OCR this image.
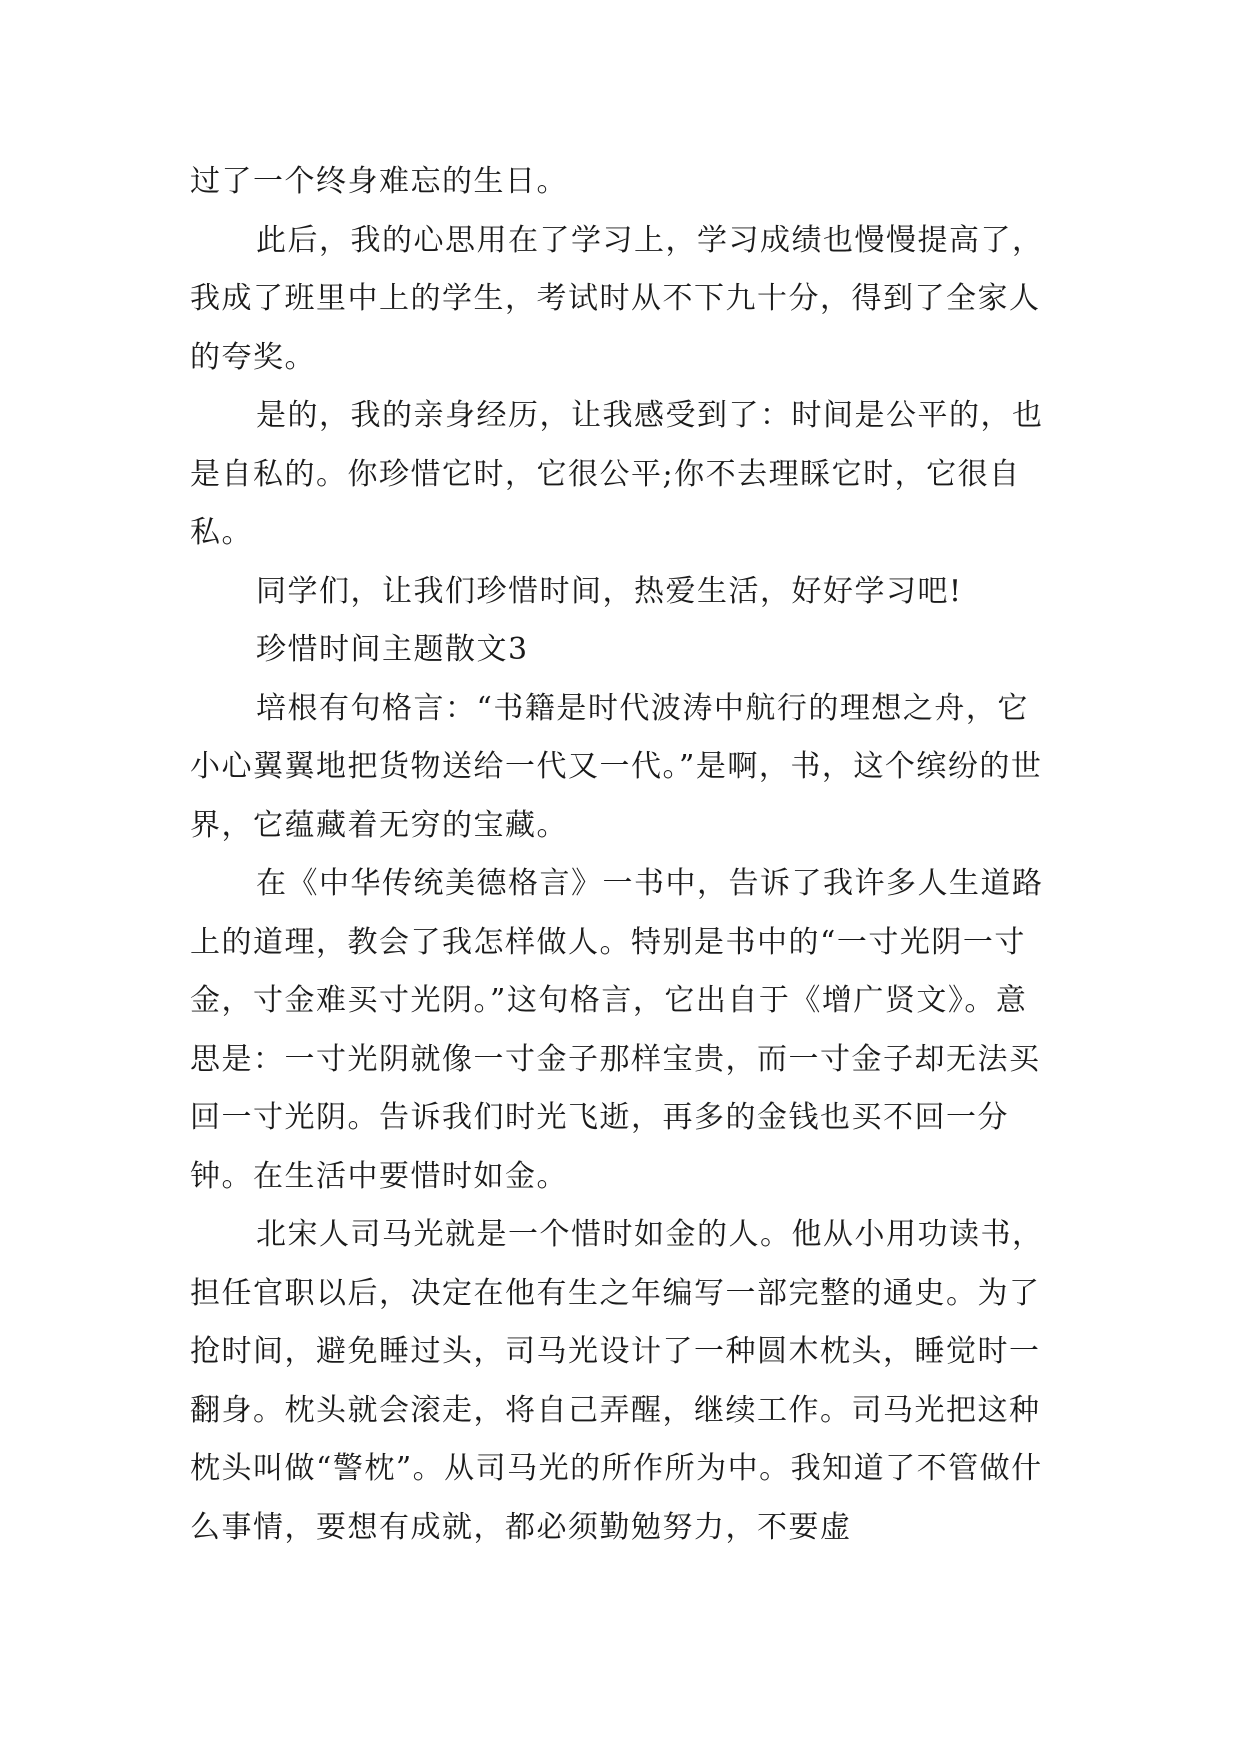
过了一个终身难忘的生日。

此后，我的心思用在了学习上，学习成绩也慢慢提高了，我成了班里中上的学生，考试时从不下九十分，得到了全家人的夸奖。

是的，我的亲身经历，让我感受到了：时间是公平的，也是自私的。你珍惜它时，它很公平;你不去理睬它时，它很自私。

同学们，让我们珍惜时间，热爱生活，好好学习吧!

珍惜时间主题散文3

培根有句格言：“书籍是时代波涛中航行的理想之舟，它小心翼翼地把货物送给一代又一代。”是啊，书，这个缤纷的世界，它蕴藏着无穷的宝藏。

在《中华传统美德格言》一书中，告诉了我许多人生道路上的道理，教会了我怎样做人。特别是书中的“一寸光阴一寸金，寸金难买寸光阴。”这句格言，它出自于《增广贤文》。意思是：一寸光阴就像一寸金子那样宝贵，而一寸金子却无法买回一寸光阴。告诉我们时光飞逝，再多的金钱也买不回一分钟。在生活中要惜时如金。

北宋人司马光就是一个惜时如金的人。他从小用功读书，担任官职以后，决定在他有生之年编写一部完整的通史。为了抢时间，避免睡过头，司马光设计了一种圆木枕头，睡觉时一翻身。枕头就会滚走，将自己弄醒，继续工作。司马光把这种枕头叫做“警枕”。从司马光的所作所为中。我知道了不管做什么事情，要想有成就，都必须勤勉努力，不要虚
